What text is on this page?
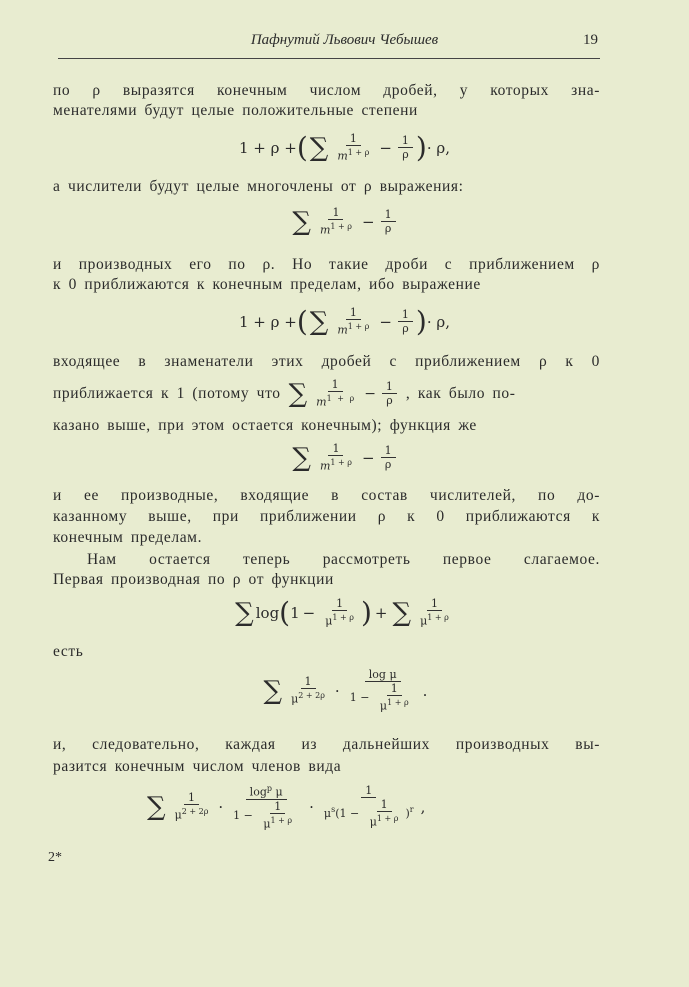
Пафнутий Львович Чебышев	19
по ρ выразятся конечным числом дробей, у которых зна-
менателями будут целые положительные степени
1 + ρ + ( ∑ $\frac{1}{m^{1 + \rho}} - \frac{1}{\rho}$ ) · ρ,
а числители будут целые многочлены от ρ выражения:
∑ $\frac{1}{m^{1 + \rho}} - \frac{1}{\rho}$
и производных его по ρ. Но такие дроби с приближением ρ
к 0 приближаются к конечным пределам, ибо выражение
1 + ρ + ( ∑ $\frac{1}{m^{1 + \rho}} - \frac{1}{\rho}$ ) · ρ,
входящее в знаменатели этих дробей с приближением ρ к 0
приближается к 1 (потому что ∑ $\frac{1}{m^{1 + \rho}} - \frac{1}{\rho}$ , как было по-
казано выше, при этом остается конечным); функция же
∑ $\frac{1}{m^{1 + \rho}} - \frac{1}{\rho}$
и ее производные, входящие в состав числителей, по до-
казанному выше, при приближении ρ к 0 приближаются к
конечным пределам.
Нам остается теперь рассмотреть первое слагаемое.
Первая производная по ρ от функции
∑ log ( $1 - \frac{1}{\mu^{1 + \rho}}$ ) + ∑ $\frac{1}{\mu^{1 + \rho}}$
есть
∑ $\frac{1}{\mu^{2 + 2\rho}} \cdot \frac{\text{log μ}}{1 - \frac{1}{\mu^{1 + \rho}}}$ .
и, следовательно, каждая из дальнейших производных вы-
разится конечным числом членов вида
∑ $\frac{1}{\mu^{2 + 2\rho}} \cdot \frac{\log^p \mu}{1 - \frac{1}{\mu^{1 + \rho}}} \cdot \frac{1}{\mu^s(1 - \frac{1}{\mu^{1 + \rho}} )^r}$ ,
2*
